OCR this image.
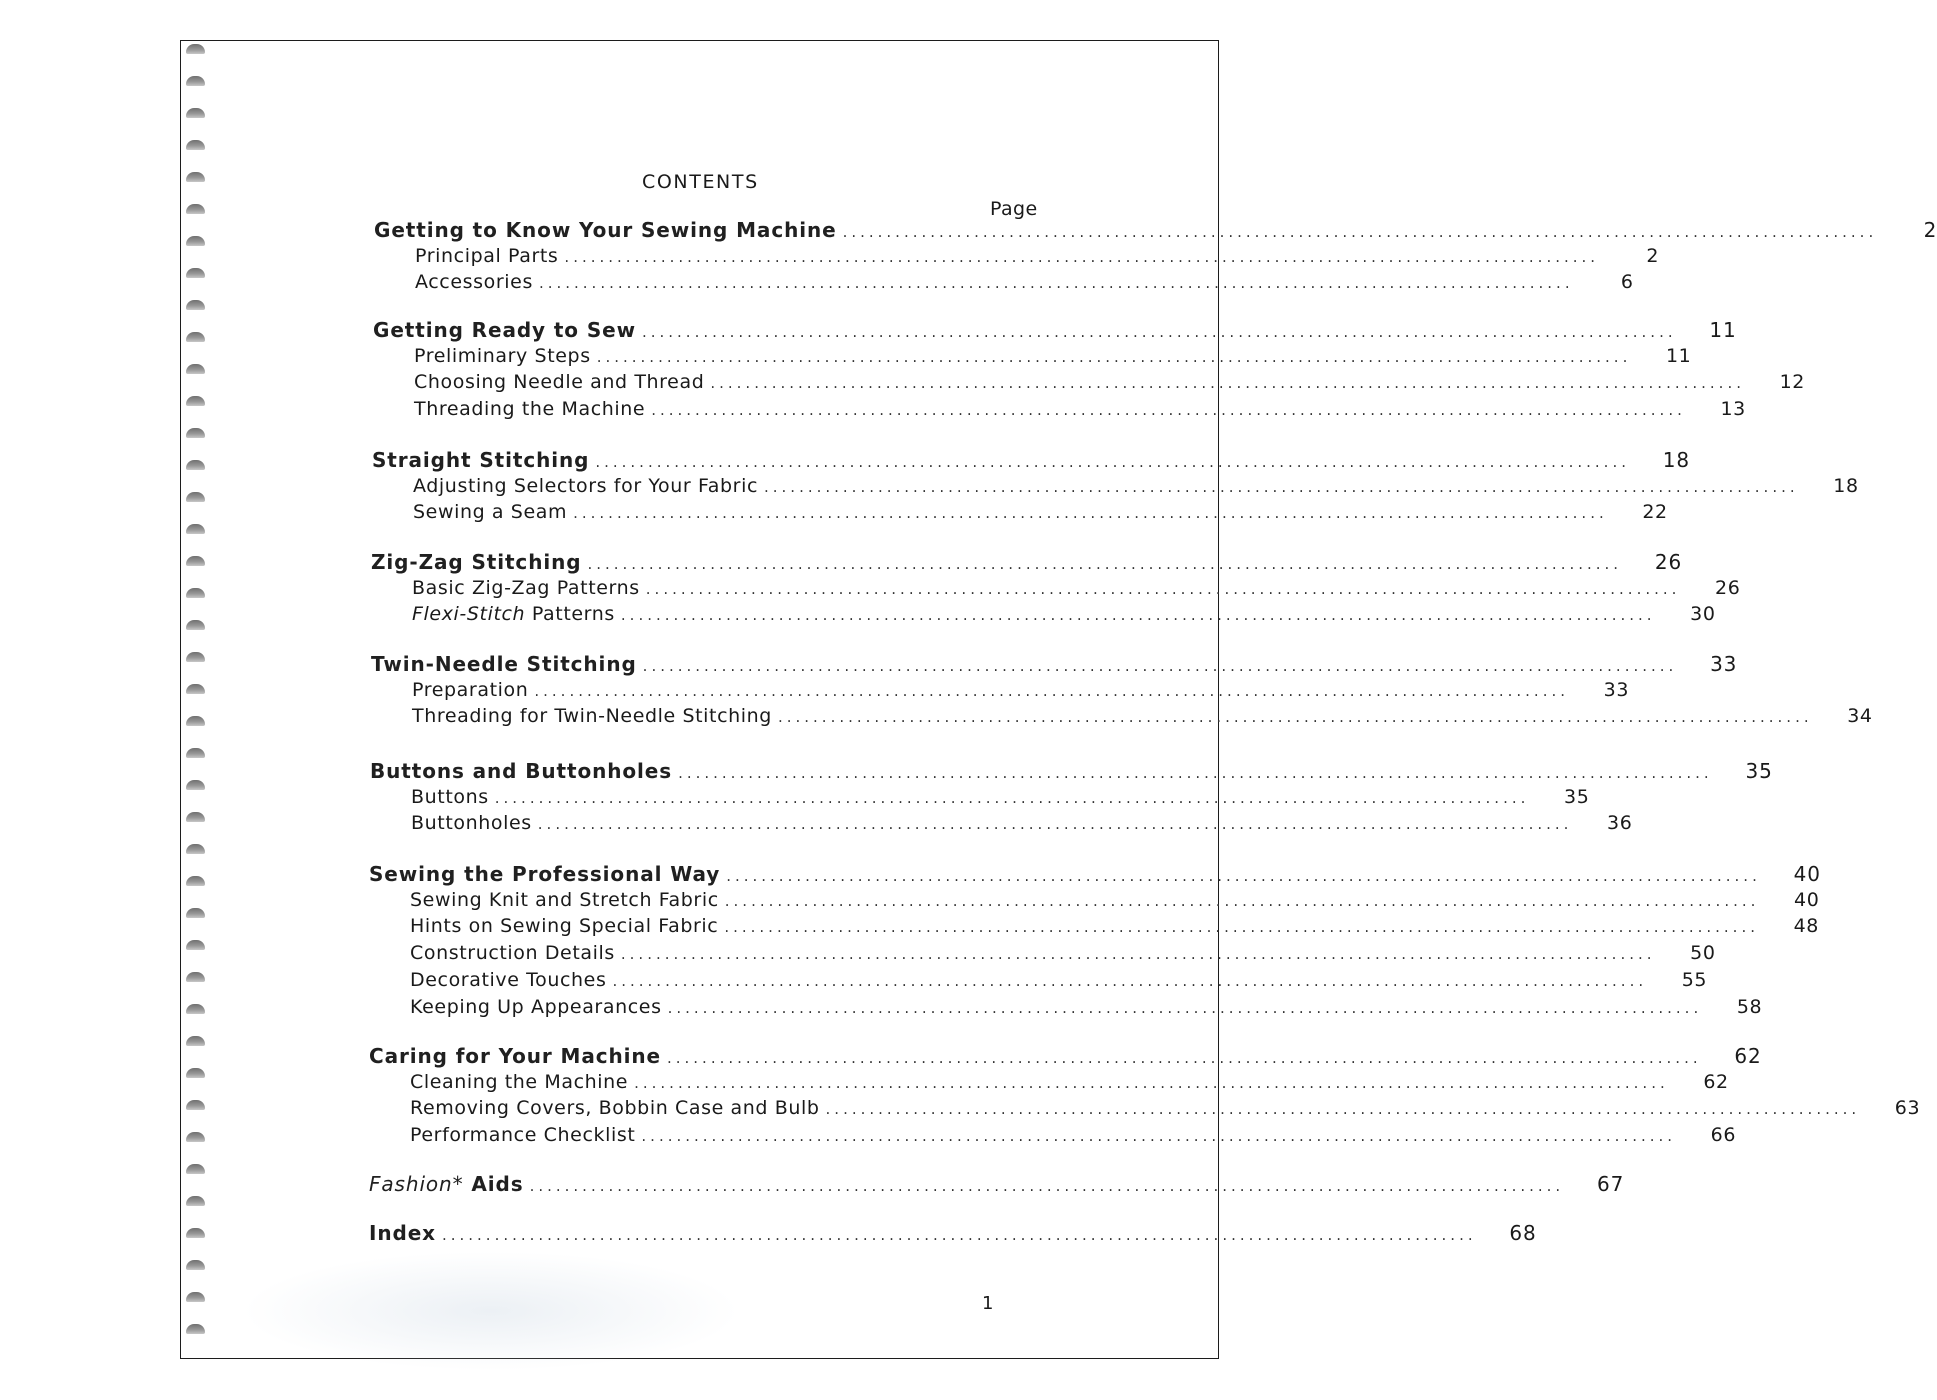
CONTENTS
Page
Getting to Know Your Sewing Machine ......................................................................................................................	2
Principal Parts ......................................................................................................................	2
Accessories ......................................................................................................................	6
Getting Ready to Sew ......................................................................................................................	11
Preliminary Steps ......................................................................................................................	11
Choosing Needle and Thread ......................................................................................................................	12
Threading the Machine ......................................................................................................................	13
Straight Stitching ......................................................................................................................	18
Adjusting Selectors for Your Fabric ......................................................................................................................	18
Sewing a Seam ......................................................................................................................	22
Zig-Zag Stitching ......................................................................................................................	26
Basic Zig-Zag Patterns ......................................................................................................................	26
Flexi-Stitch Patterns ......................................................................................................................	30
Twin-Needle Stitching ......................................................................................................................	33
Preparation ......................................................................................................................	33
Threading for Twin-Needle Stitching ......................................................................................................................	34
Buttons and Buttonholes ......................................................................................................................	35
Buttons ......................................................................................................................	35
Buttonholes ......................................................................................................................	36
Sewing the Professional Way ......................................................................................................................	40
Sewing Knit and Stretch Fabric ......................................................................................................................	40
Hints on Sewing Special Fabric ......................................................................................................................	48
Construction Details ......................................................................................................................	50
Decorative Touches ......................................................................................................................	55
Keeping Up Appearances ......................................................................................................................	58
Caring for Your Machine ......................................................................................................................	62
Cleaning the Machine ......................................................................................................................	62
Removing Covers, Bobbin Case and Bulb ......................................................................................................................	63
Performance Checklist ......................................................................................................................	66
Fashion* Aids ......................................................................................................................	67
Index ......................................................................................................................	68
1
